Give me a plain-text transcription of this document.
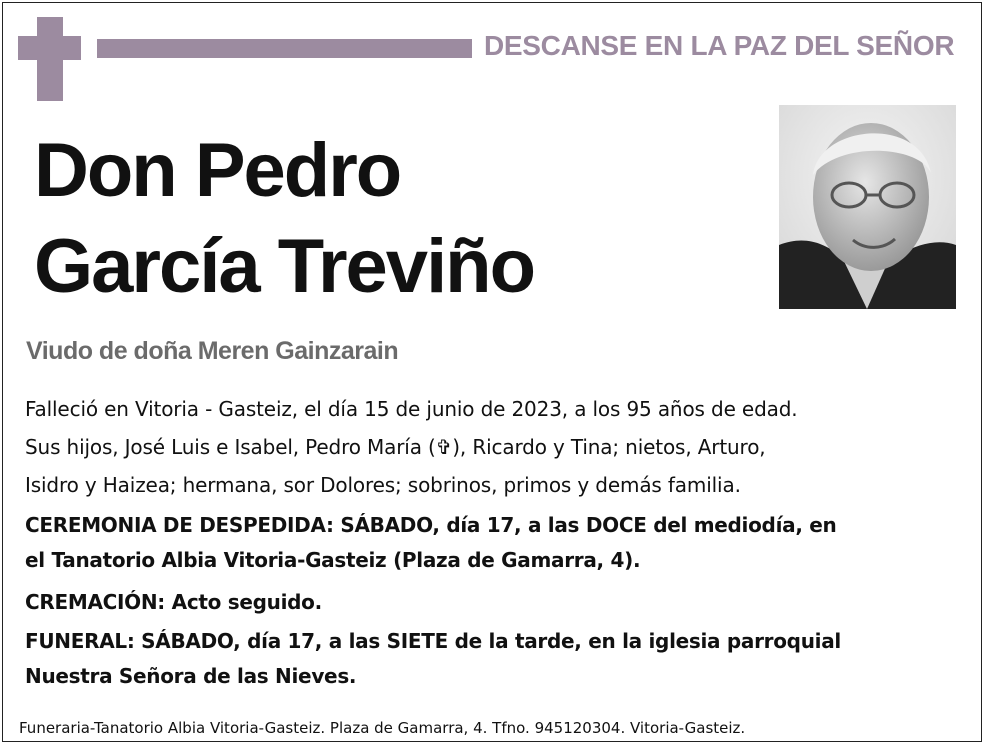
DESCANSE EN LA PAZ DEL SEÑOR
Don Pedro
García Treviño
Viudo de doña Meren Gainzarain
Falleció en Vitoria - Gasteiz, el día 15 de junio de 2023, a los 95 años de edad.
Sus hijos, José Luis e Isabel, Pedro María (✞), Ricardo y Tina; nietos, Arturo,
Isidro y Haizea; hermana, sor Dolores; sobrinos, primos y demás familia.
CEREMONIA DE DESPEDIDA: SÁBADO, día 17, a las DOCE del mediodía, en
el Tanatorio Albia Vitoria-Gasteiz (Plaza de Gamarra, 4).
CREMACIÓN: Acto seguido.
FUNERAL: SÁBADO, día 17, a las SIETE de la tarde, en la iglesia parroquial
Nuestra Señora de las Nieves.
Funeraria-Tanatorio Albia Vitoria-Gasteiz. Plaza de Gamarra, 4. Tfno. 945120304. Vitoria-Gasteiz.
